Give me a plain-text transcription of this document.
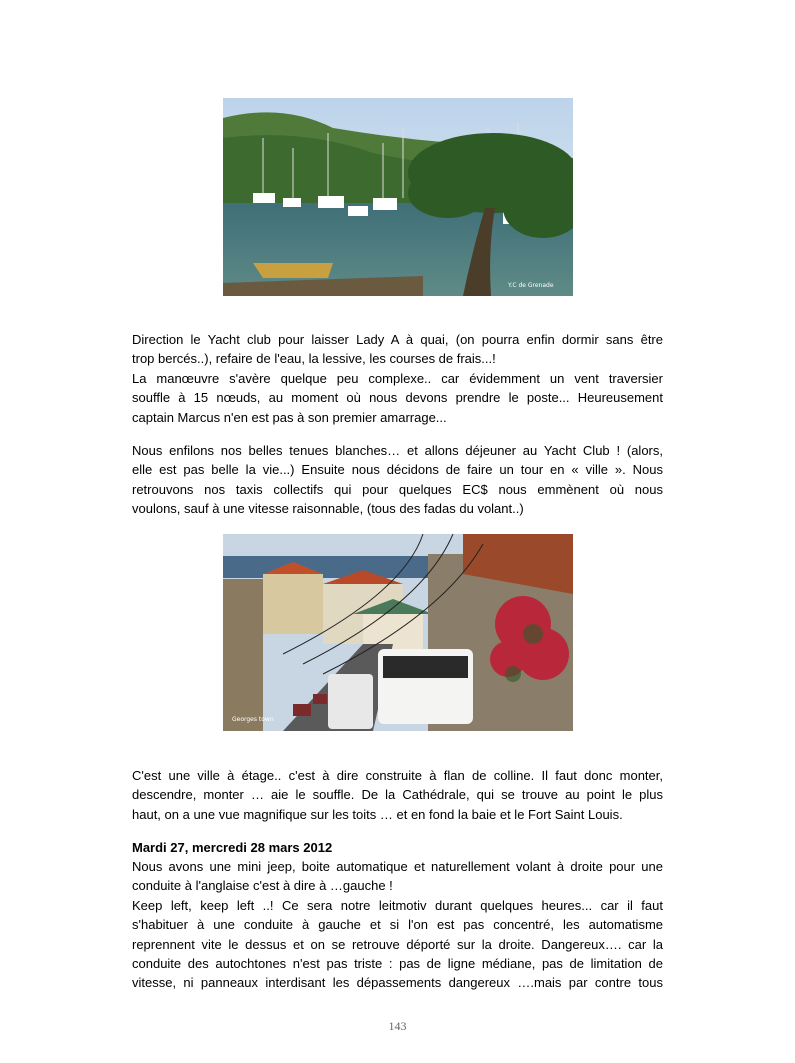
Y.C de Grenade

Direction le Yacht club pour laisser Lady A à quai, (on pourra enfin dormir sans être
trop bercés..), refaire de l'eau, la lessive, les courses de frais...!

La manœuvre s'avère quelque peu complexe.. car évidemment un vent traversier
souffle à 15 nœuds, au moment où nous devons prendre le poste... Heureusement
captain Marcus n'en est pas à son premier amarrage...

Nous enfilons nos belles tenues blanches… et allons déjeuner au Yacht Club ! (alors,
elle est pas belle la vie...) Ensuite nous décidons de faire un tour en « ville ». Nous
retrouvons nos taxis collectifs qui pour quelques EC$ nous emmènent où nous
voulons, sauf à une vitesse raisonnable, (tous des fadas du volant..)

Georges town

C'est une ville à étage.. c'est à dire construite à flan de colline. Il faut donc monter,
descendre, monter … aie le souffle. De la Cathédrale, qui se trouve au point le plus
haut, on a une vue magnifique sur les toits … et en fond la baie et le Fort Saint Louis.

Mardi 27, mercredi 28 mars 2012

Nous avons une mini jeep, boite automatique et naturellement volant à droite pour une
conduite à l'anglaise c'est à dire à …gauche !

Keep left, keep left ..! Ce sera notre leitmotiv durant quelques heures... car il faut
s'habituer à une conduite à gauche et si l'on est pas concentré, les automatisme
reprennent vite le dessus et on se retrouve déporté sur la droite. Dangereux…. car la
conduite des autochtones n'est pas triste : pas de ligne médiane, pas de limitation de
vitesse, ni panneaux interdisant les dépassements dangereux ….mais par contre tous

143
